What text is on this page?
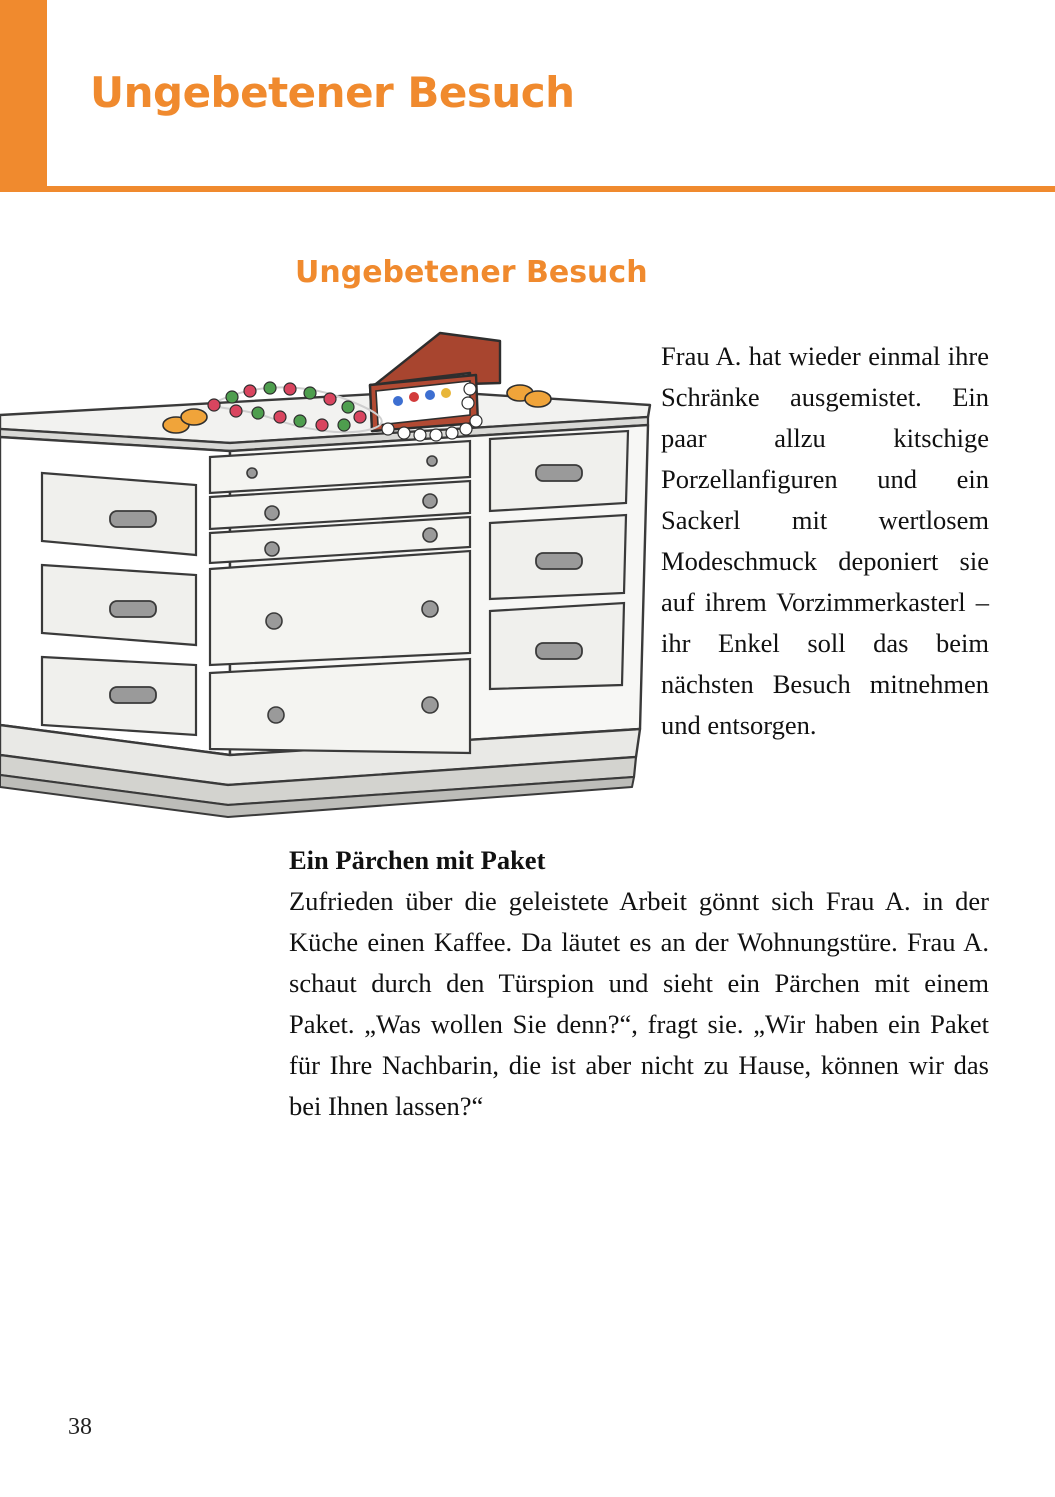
Ungebetener Besuch
Ungebetener Besuch

Frau A. hat wieder einmal ihre Schränke ausgemistet. Ein paar allzu kitschige Porzellanfiguren und ein Sackerl mit wertlosem Modeschmuck deponiert sie auf ihrem Vorzimmerkasterl – ihr Enkel soll das beim nächsten Besuch mitnehmen und entsorgen.

Ein Pärchen mit Paket

Zufrieden über die geleistete Arbeit gönnt sich Frau A. in der Küche einen Kaffee. Da läutet es an der Wohnungstüre. Frau A. schaut durch den Türspion und sieht ein Pärchen mit einem Paket. „Was wollen Sie denn?“, fragt sie. „Wir haben ein Paket für Ihre Nachbarin, die ist aber nicht zu Hause, können wir das bei Ihnen lassen?“

38
